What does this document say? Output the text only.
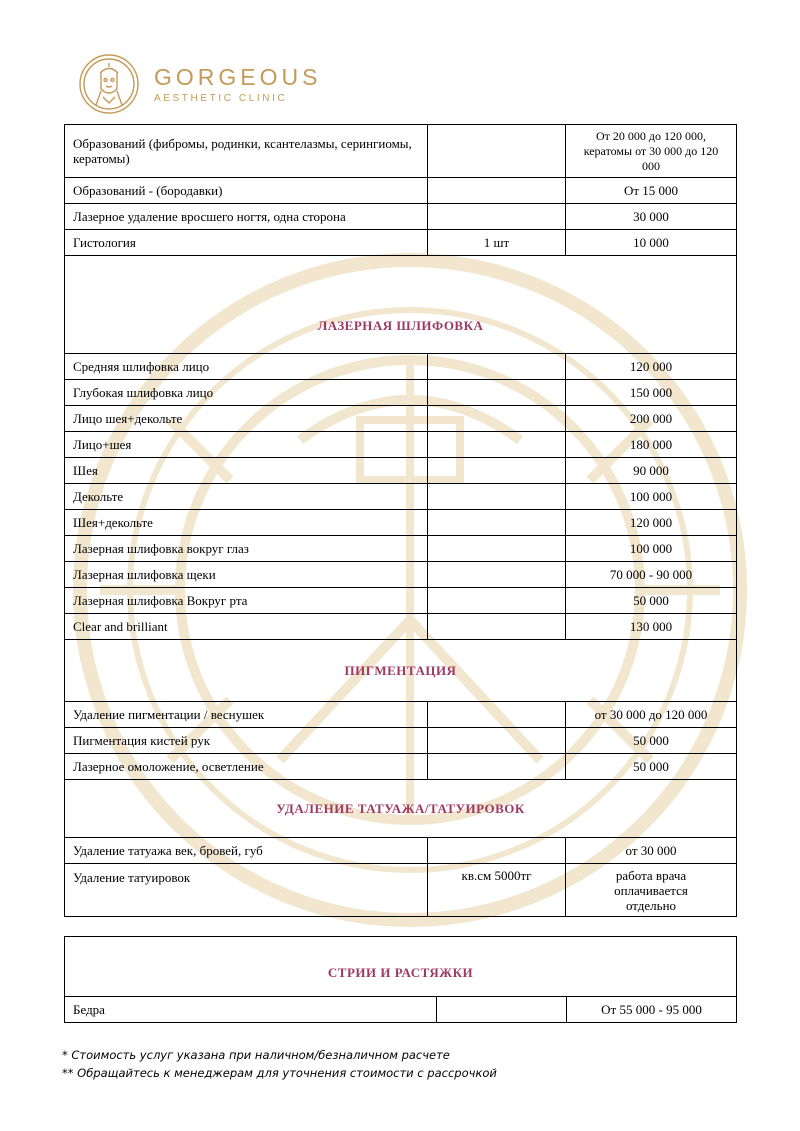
GORGEOUS
AESTHETIC CLINIC
Образований (фибромы, родинки, ксантелазмы, серингиомы, кератомы)		От 20 000 до 120 000, кератомы от 30 000 до 120 000
Образований - (бородавки)		От 15 000
Лазерное удаление вросшего ногтя, одна сторона		30 000
Гистология	1 шт	10 000
ЛАЗЕРНАЯ ШЛИФОВКА		
Средняя шлифовка лицо		120 000
Глубокая шлифовка лицо		150 000
Лицо шея+декольте		200 000
Лицо+шея		180 000
Шея		90 000
Декольте		100 000
Шея+декольте		120 000
Лазерная шлифовка вокруг глаз		100 000
Лазерная шлифовка щеки		70 000 - 90 000
Лазерная шлифовка Вокруг рта		50 000
Clear and brilliant		130 000
ПИГМЕНТАЦИЯ		
Удаление пигментации / веснушек		от 30 000 до 120 000
Пигментация кистей рук		50 000
Лазерное омоложение, осветление		50 000
УДАЛЕНИЕ ТАТУАЖА/ТАТУИРОВОК		
Удаление татуажа век, бровей, губ		от 30 000
Удаление татуировок	кв.см 5000тг	работа врача оплачивается отдельно
СТРИИ И РАСТЯЖКИ
Бедра		От 55 000 - 95 000
* Стоимость услуг указана при наличном/безналичном расчете
** Обращайтесь к менеджерам для уточнения стоимости с рассрочкой
